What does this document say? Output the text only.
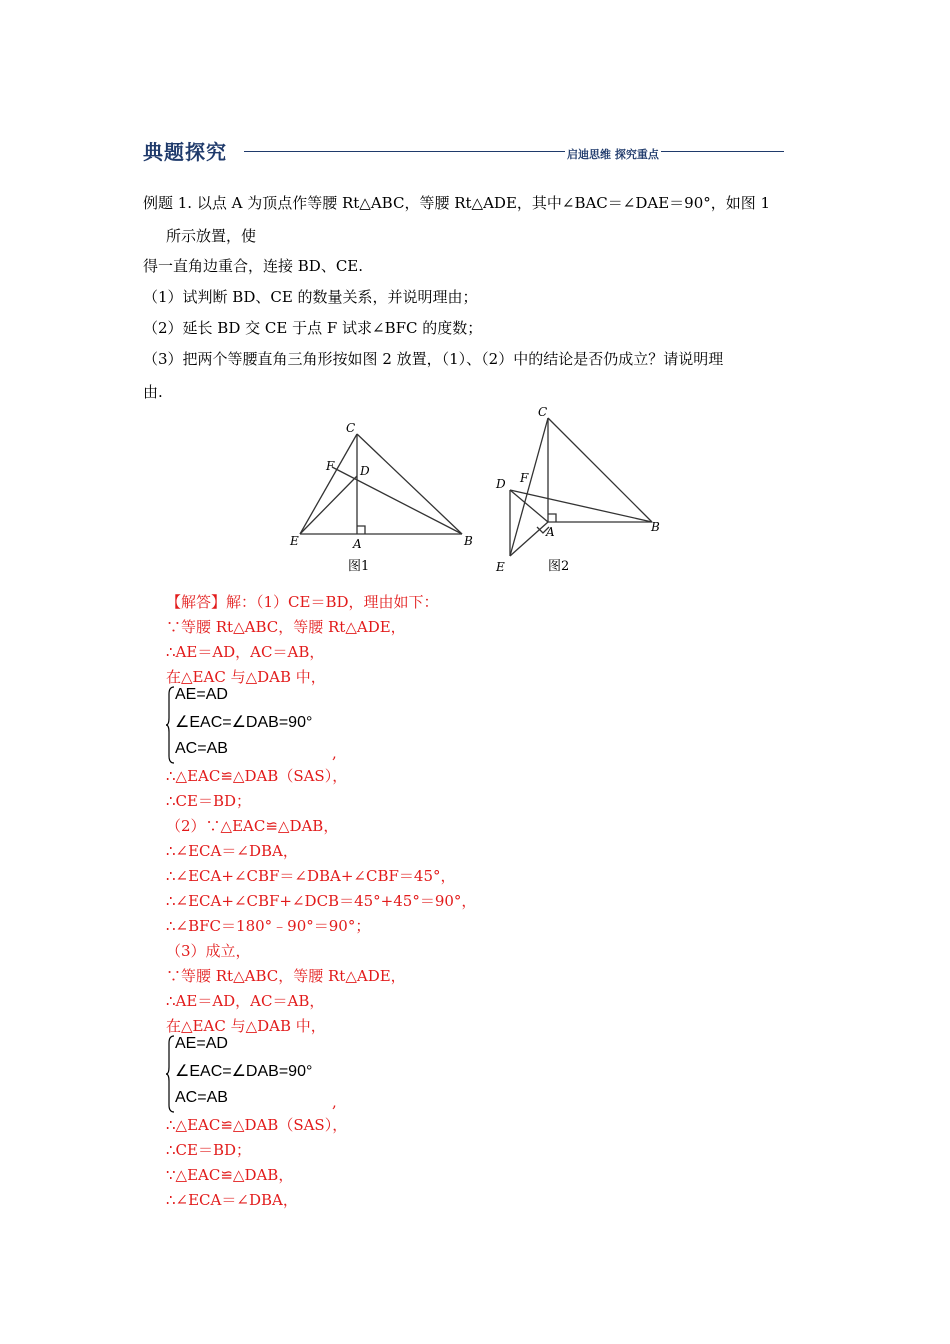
典题探究	启迪思维 探究重点
例题 1. 以点 A 为顶点作等腰 Rt△ABC，等腰 Rt△ADE，其中∠BAC＝∠DAE＝90°，如图 1
所示放置，使
得一直角边重合，连接 BD、CE.
（1）试判断 BD、CE 的数量关系，并说明理由；
（2）延长 BD 交 CE 于点 F 试求∠BFC 的度数；
（3）把两个等腰直角三角形按如图 2 放置，（1）、（2）中的结论是否仍成立？请说明理
由.
C
F D
E	A	B
图1
C
D F
A	B
E	图2
【解答】解：（1）CE＝BD，理由如下：
∵等腰 Rt△ABC，等腰 Rt△ADE，
∴AE＝AD，AC＝AB，
在△EAC 与△DAB 中，
AE=AD
∠EAC=∠DAB=90°
AC=AB	,
∴△EAC≌△DAB（SAS），
∴CE＝BD；
（2）∵△EAC≌△DAB，
∴∠ECA＝∠DBA，
∴∠ECA+∠CBF＝∠DBA+∠CBF＝45°，
∴∠ECA+∠CBF+∠DCB＝45°+45°＝90°，
∴∠BFC＝180°﹣90°＝90°；
（3）成立，
∵等腰 Rt△ABC，等腰 Rt△ADE，
∴AE＝AD，AC＝AB，
在△EAC 与△DAB 中，
AE=AD
∠EAC=∠DAB=90°
AC=AB	,
∴△EAC≌△DAB（SAS），
∴CE＝BD；
∵△EAC≌△DAB，
∴∠ECA＝∠DBA，
